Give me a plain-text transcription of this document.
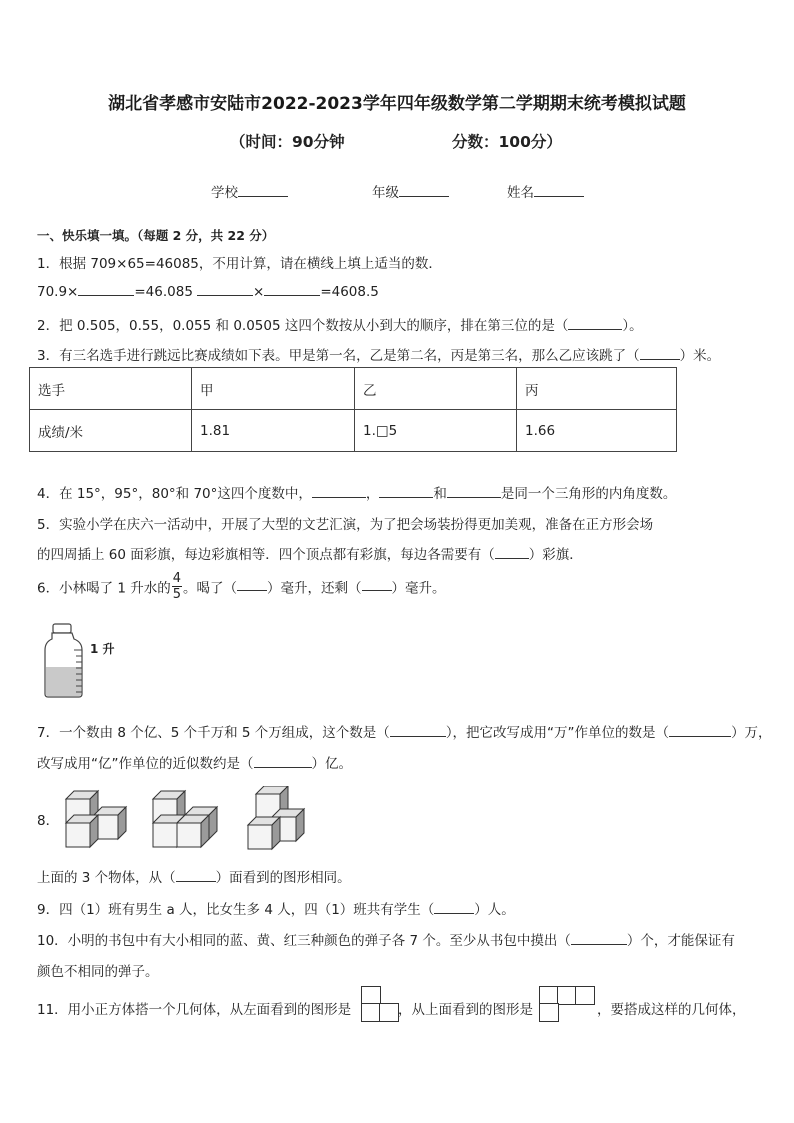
湖北省孝感市安陆市2022-2023学年四年级数学第二学期期末统考模拟试题
（时间：90分钟	分数：100分）
学校	年级	姓名
一、快乐填一填。（每题 2 分，共 22 分）
1．根据 709×65=46085，不用计算，请在横线上填上适当的数．
70.9×	=46.085	×	=4608.5
2．把 0.505，0.55，0.055 和 0.0505 这四个数按从小到大的顺序，排在第三位的是（	）。
3．有三名选手进行跳远比赛成绩如下表。甲是第一名，乙是第二名，丙是第三名，那么乙应该跳了（	）米。
选手	甲	乙	丙
成绩/米	1.81	1.□5	1.66
4．在 15°，95°，80°和 70°这四个度数中，	，	和	是同一个三角形的内角度数。
5．实验小学在庆六一活动中，开展了大型的文艺汇演，为了把会场装扮得更加美观，准备在正方形会场
的四周插上 60 面彩旗，每边彩旗相等．四个顶点都有彩旗，每边各需要有（	）彩旗．
6．小林喝了 1 升水的 $\frac{4}{5}$ 。喝了（ ）毫升，还剩（ ）毫升。
1 升
7．一个数由 8 个亿、5 个千万和 5 个万组成，这个数是（	），把它改写成用“万”作单位的数是（	）万，
改写成用“亿”作单位的近似数约是（	）亿。
8．
上面的 3 个物体，从（	）面看到的图形相同。
9．四（1）班有男生 a 人，比女生多 4 人，四（1）班共有学生（	）人。
10．小明的书包中有大小相同的蓝、黄、红三种颜色的弹子各 7 个。至少从书包中摸出（	）个，才能保证有
颜色不相同的弹子。
11．用小正方体搭一个几何体，从左面看到的图形是	，从上面看到的图形是	，要搭成这样的几何体，
